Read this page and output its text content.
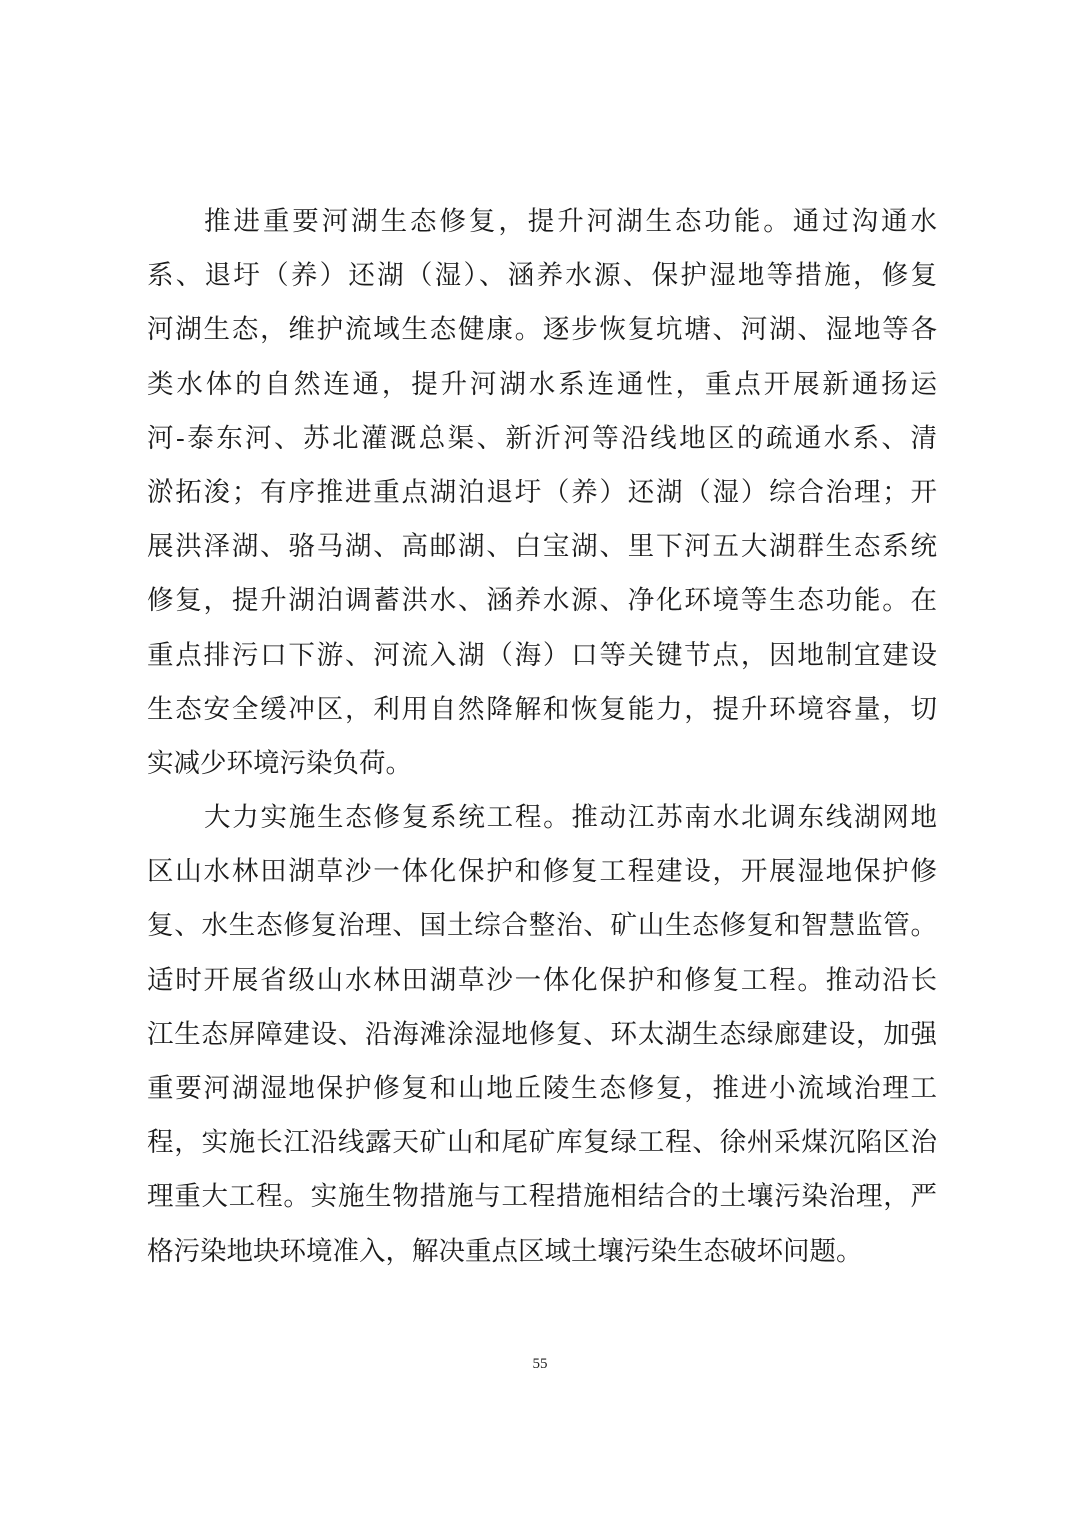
推进重要河湖生态修复，提升河湖生态功能。通过沟通水
系、退圩（养）还湖（湿）、涵养水源、保护湿地等措施，修复
河湖生态，维护流域生态健康。逐步恢复坑塘、河湖、湿地等各
类水体的自然连通，提升河湖水系连通性，重点开展新通扬运
河-泰东河、苏北灌溉总渠、新沂河等沿线地区的疏通水系、清
淤拓浚；有序推进重点湖泊退圩（养）还湖（湿）综合治理；开
展洪泽湖、骆马湖、高邮湖、白宝湖、里下河五大湖群生态系统
修复，提升湖泊调蓄洪水、涵养水源、净化环境等生态功能。在
重点排污口下游、河流入湖（海）口等关键节点，因地制宜建设
生态安全缓冲区，利用自然降解和恢复能力，提升环境容量，切
实减少环境污染负荷。
大力实施生态修复系统工程。推动江苏南水北调东线湖网地
区山水林田湖草沙一体化保护和修复工程建设，开展湿地保护修
复、水生态修复治理、国土综合整治、矿山生态修复和智慧监管。
适时开展省级山水林田湖草沙一体化保护和修复工程。推动沿长
江生态屏障建设、沿海滩涂湿地修复、环太湖生态绿廊建设，加强
重要河湖湿地保护修复和山地丘陵生态修复，推进小流域治理工
程，实施长江沿线露天矿山和尾矿库复绿工程、徐州采煤沉陷区治
理重大工程。实施生物措施与工程措施相结合的土壤污染治理，严
格污染地块环境准入，解决重点区域土壤污染生态破坏问题。
55
